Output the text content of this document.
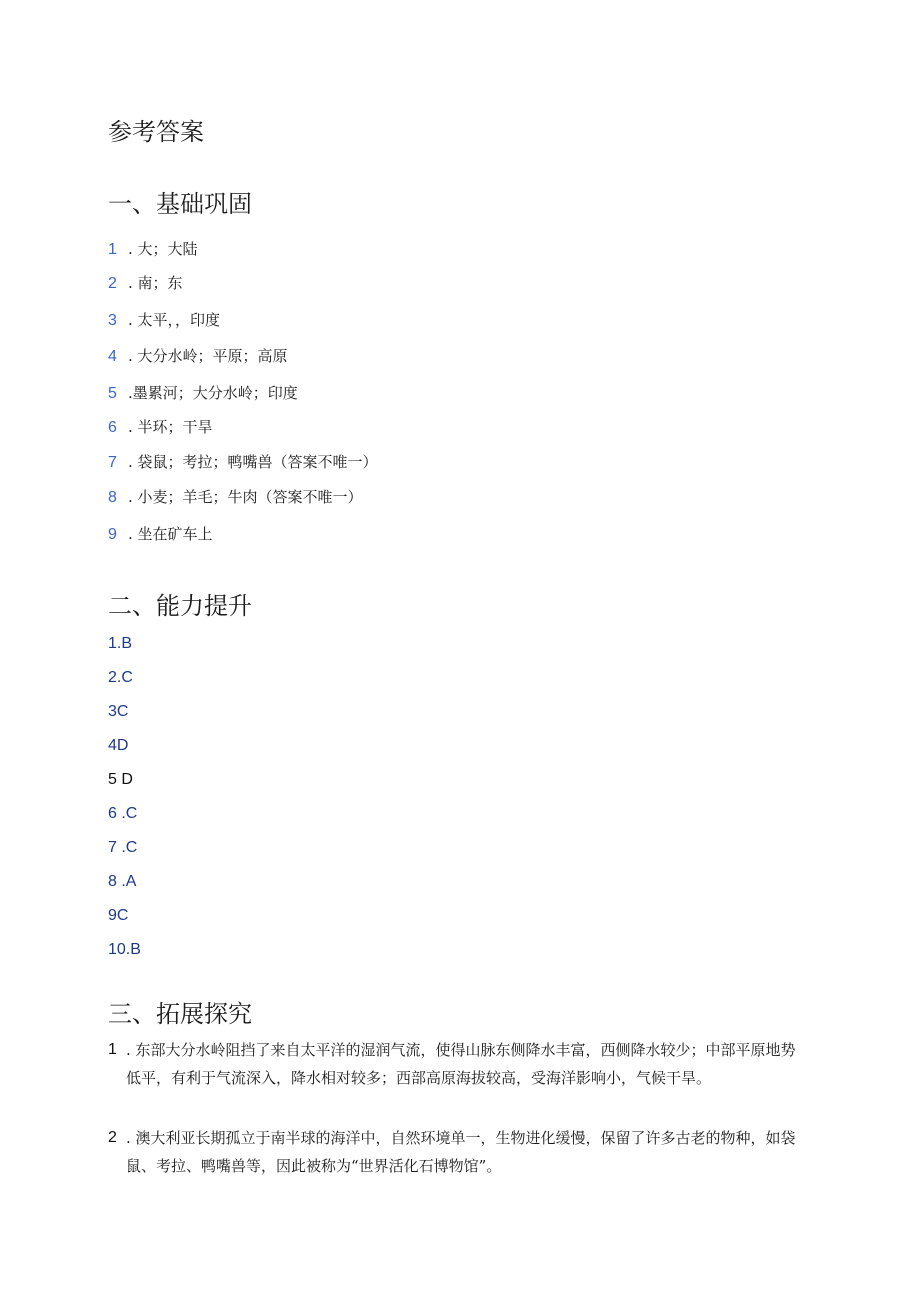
参考答案
一、基础巩固
1 . 大；大陆
2 . 南；东
3 . 太平，，印度
4 . 大分水岭；平原；高原
5 .墨累河；大分水岭；印度
6 . 半环；干旱
7 . 袋鼠；考拉；鸭嘴兽（答案不唯一）
8 . 小麦；羊毛；牛肉（答案不唯一）
9 . 坐在矿车上
二、能力提升
1.B
2.C
3C
4D
5 D
6 .C
7 .C
8 .A
9C
10.B
三、拓展探究
1 . 东部大分水岭阻挡了来自太平洋的湿润气流，使得山脉东侧降水丰富，西侧降水较少；中部平原地势低平，有利于气流深入，降水相对较多；西部高原海拔较高，受海洋影响小，气候干旱。
2 . 澳大利亚长期孤立于南半球的海洋中，自然环境单一，生物进化缓慢，保留了许多古老的物种，如袋鼠、考拉、鸭嘴兽等，因此被称为“世界活化石博物馆”。
